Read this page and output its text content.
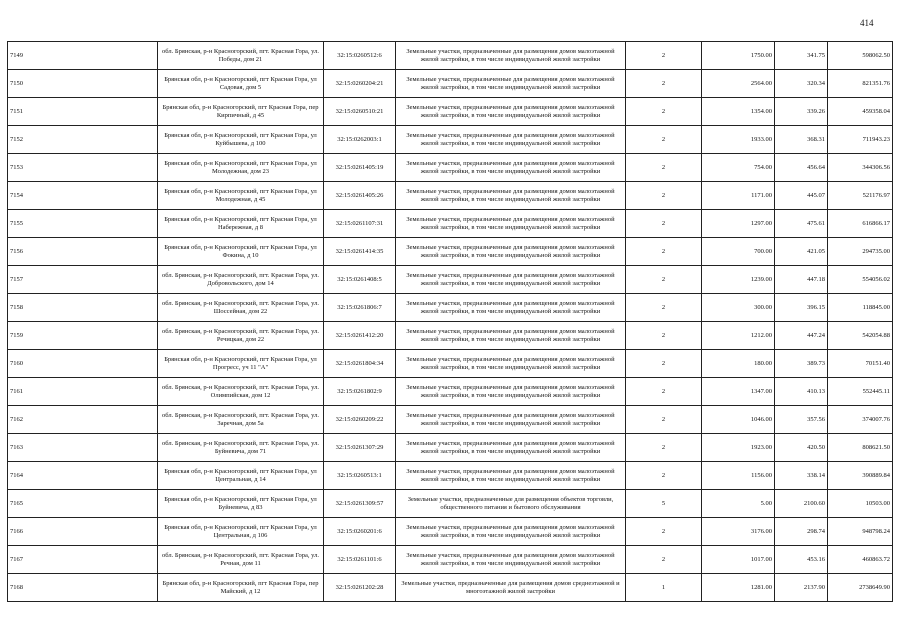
414
7149	обл. Брянская, р-н Красногорский, пгт. Красная Гора, ул. Победы, дом 21	32:15:0260512:6	Земельные участки, предназначенные для размещения домов малоэтажной жилой застройки, в том числе индивидуальной жилой застройки	2	1750.00	341.75	598062.50
7150	Брянская обл, р-н Красногорский, пгт Красная Гора, ул Садовая, дом 5	32:15:0260204:21	Земельные участки, предназначенные для размещения домов малоэтажной жилой застройки, в том числе индивидуальной жилой застройки	2	2564.00	320.34	821351.76
7151	Брянская обл, р-н Красногорский, пгт Красная Гора, пер Кирпичный, д 45	32:15:0260510:21	Земельные участки, предназначенные для размещения домов малоэтажной жилой застройки, в том числе индивидуальной жилой застройки	2	1354.00	339.26	459358.04
7152	Брянская обл, р-н Красногорский, пгт Красная Гора, ул Куйбышева, д 100	32:15:0262003:1	Земельные участки, предназначенные для размещения домов малоэтажной жилой застройки, в том числе индивидуальной жилой застройки	2	1933.00	368.31	711943.23
7153	Брянская обл, р-н Красногорский, пгт Красная Гора, ул Молодежная, дом 23	32:15:0261405:19	Земельные участки, предназначенные для размещения домов малоэтажной жилой застройки, в том числе индивидуальной жилой застройки	2	754.00	456.64	344306.56
7154	Брянская обл, р-н Красногорский, пгт Красная Гора, ул Молодежная, д 45	32:15:0261405:26	Земельные участки, предназначенные для размещения домов малоэтажной жилой застройки, в том числе индивидуальной жилой застройки	2	1171.00	445.07	521176.97
7155	Брянская обл, р-н Красногорский, пгт Красная Гора, ул Набережная, д 8	32:15:0261107:31	Земельные участки, предназначенные для размещения домов малоэтажной жилой застройки, в том числе индивидуальной жилой застройки	2	1297.00	475.61	616866.17
7156	Брянская обл, р-н Красногорский, пгт Красная Гора, ул Фокина, д 10	32:15:0261414:35	Земельные участки, предназначенные для размещения домов малоэтажной жилой застройки, в том числе индивидуальной жилой застройки	2	700.00	421.05	294735.00
7157	обл. Брянская, р-н Красногорский, пгт. Красная Гора, ул. Добровольского, дом 14	32:15:0261408:5	Земельные участки, предназначенные для размещения домов малоэтажной жилой застройки, в том числе индивидуальной жилой застройки	2	1239.00	447.18	554056.02
7158	обл. Брянская, р-н Красногорский, пгт. Красная Гора, ул. Шоссейная, дом 22	32:15:0261806:7	Земельные участки, предназначенные для размещения домов малоэтажной жилой застройки, в том числе индивидуальной жилой застройки	2	300.00	396.15	118845.00
7159	обл. Брянская, р-н Красногорский, пгт. Красная Гора, ул. Речицкая, дом 22	32:15:0261412:20	Земельные участки, предназначенные для размещения домов малоэтажной жилой застройки, в том числе индивидуальной жилой застройки	2	1212.00	447.24	542054.88
7160	Брянская обл, р-н Красногорский, пгт Красная Гора, ул Прогресс, уч 11 "А"	32:15:0261804:34	Земельные участки, предназначенные для размещения домов малоэтажной жилой застройки, в том числе индивидуальной жилой застройки	2	180.00	389.73	70151.40
7161	обл. Брянская, р-н Красногорский, пгт. Красная Гора, ул. Олимпийская, дом 12	32:15:0261802:9	Земельные участки, предназначенные для размещения домов малоэтажной жилой застройки, в том числе индивидуальной жилой застройки	2	1347.00	410.13	552445.11
7162	обл. Брянская, р-н Красногорский, пгт. Красная Гора, ул. Заречная, дом 5а	32:15:0260209:22	Земельные участки, предназначенные для размещения домов малоэтажной жилой застройки, в том числе индивидуальной жилой застройки	2	1046.00	357.56	374007.76
7163	обл. Брянская, р-н Красногорский, пгт. Красная Гора, ул. Буйневича, дом 71	32:15:0261307:29	Земельные участки, предназначенные для размещения домов малоэтажной жилой застройки, в том числе индивидуальной жилой застройки	2	1923.00	420.50	808621.50
7164	Брянская обл, р-н Красногорский, пгт Красная Гора, ул Центральная, д 14	32:15:0260513:1	Земельные участки, предназначенные для размещения домов малоэтажной жилой застройки, в том числе индивидуальной жилой застройки	2	1156.00	338.14	390889.84
7165	Брянская обл, р-н Красногорский, пгт Красная Гора, ул Буйневича, д 83	32:15:0261309:57	Земельные участки, предназначенные для размещения объектов торговли, общественного питания и бытового обслуживания	5	5.00	2100.60	10503.00
7166	Брянская обл, р-н Красногорский, пгт Красная Гора, ул Центральная, д 106	32:15:0260201:6	Земельные участки, предназначенные для размещения домов малоэтажной жилой застройки, в том числе индивидуальной жилой застройки	2	3176.00	298.74	948798.24
7167	обл. Брянская, р-н Красногорский, пгт. Красная Гора, ул. Речная, дом 11	32:15:0261101:6	Земельные участки, предназначенные для размещения домов малоэтажной жилой застройки, в том числе индивидуальной жилой застройки	2	1017.00	453.16	460863.72
7168	Брянская обл, р-н Красногорский, пгт Красная Гора, пер Майский, д 12	32:15:0261202:28	Земельные участки, предназначенные для размещения домов среднеэтажной и многоэтажной жилой застройки	1	1281.00	2137.90	2738649.90
